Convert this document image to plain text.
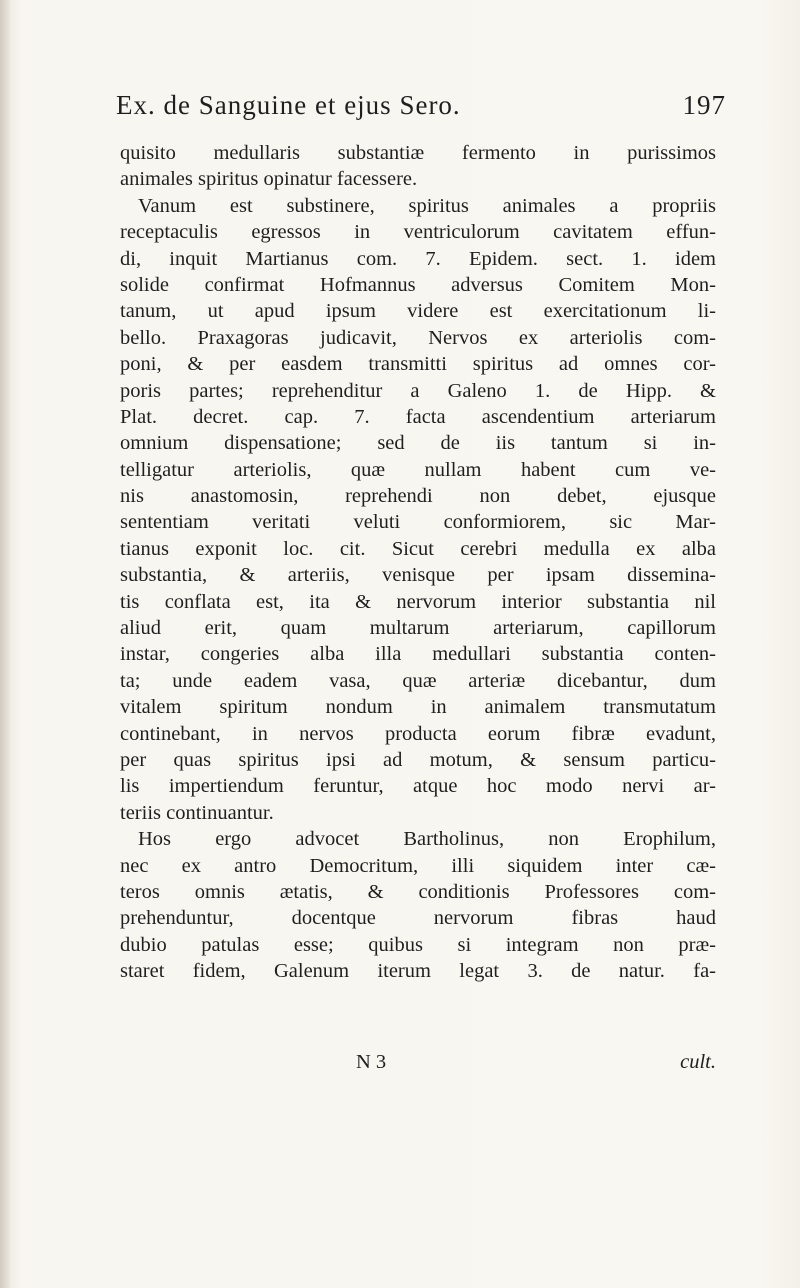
Ex. de Sanguine et ejus Sero.	197
quisito medullaris substantiæ fermento in purissimos
animales spiritus opinatur facessere.
Vanum est substinere, spiritus animales a propriis
receptaculis egressos in ventriculorum cavitatem effun-
di, inquit Martianus com. 7. Epidem. sect. 1. idem
solide confirmat Hofmannus adversus Comitem Mon-
tanum, ut apud ipsum videre est exercitationum li-
bello. Praxagoras judicavit, Nervos ex arteriolis com-
poni, & per easdem transmitti spiritus ad omnes cor-
poris partes; reprehenditur a Galeno 1. de Hipp. &
Plat. decret. cap. 7. facta ascendentium arteriarum
omnium dispensatione; sed de iis tantum si in-
telligatur arteriolis, quæ nullam habent cum ve-
nis anastomosin, reprehendi non debet, ejusque
sententiam veritati veluti conformiorem, sic Mar-
tianus exponit loc. cit. Sicut cerebri medulla ex alba
substantia, & arteriis, venisque per ipsam dissemina-
tis conflata est, ita & nervorum interior substantia nil
aliud erit, quam multarum arteriarum, capillorum
instar, congeries alba illa medullari substantia conten-
ta; unde eadem vasa, quæ arteriæ dicebantur, dum
vitalem spiritum nondum in animalem transmutatum
continebant, in nervos producta eorum fibræ evadunt,
per quas spiritus ipsi ad motum, & sensum particu-
lis impertiendum feruntur, atque hoc modo nervi ar-
teriis continuantur.
Hos ergo advocet Bartholinus, non Erophilum,
nec ex antro Democritum, illi siquidem inter cæ-
teros omnis ætatis, & conditionis Professores com-
prehenduntur, docentque nervorum fibras haud
dubio patulas esse; quibus si integram non præ-
staret fidem, Galenum iterum legat 3. de natur. fa-
N 3	cult.
